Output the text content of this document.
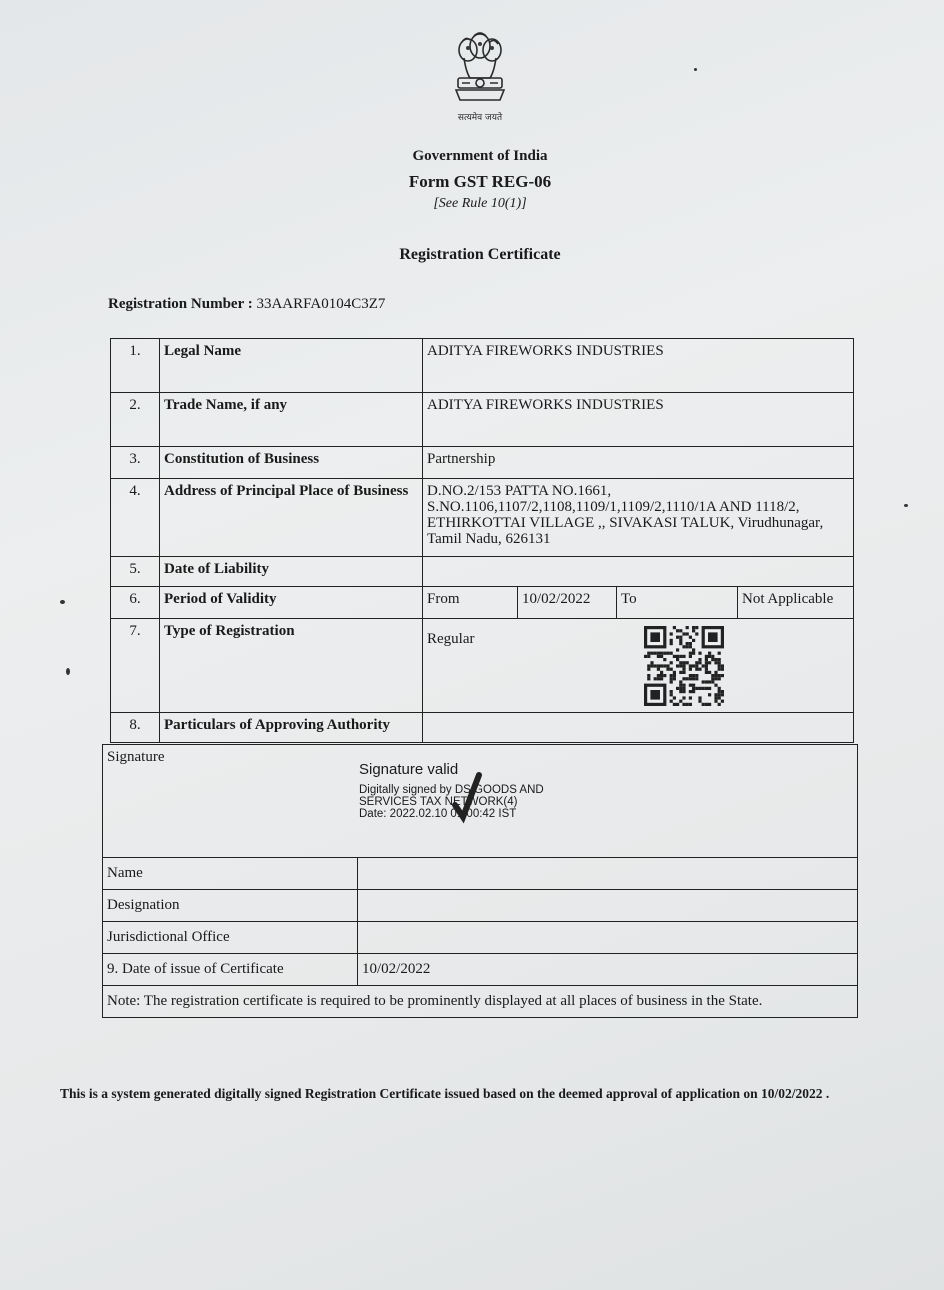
सत्यमेव जयते
Government of India
Form GST REG-06
[See Rule 10(1)]
Registration Certificate
Registration Number : 33AARFA0104C3Z7
1.	Legal Name	ADITYA FIREWORKS INDUSTRIES			
2.	Trade Name, if any	ADITYA FIREWORKS INDUSTRIES			
3.	Constitution of Business	Partnership			
4.	Address of Principal Place of Business	D.NO.2/153 PATTA NO.1661,
S.NO.1106,1107/2,1108,1109/1,1109/2,1110/1A AND 1118/2,
ETHIRKOTTAI VILLAGE ,, SIVAKASI TALUK, Virudhunagar,
Tamil Nadu, 626131			

5.	Date of Liability				
6.	Period of Validity	From	10/02/2022	To	Not Applicable
7.	Type of Registration	Regular			
8.	Particulars of Approving Authority				
Signature
Signature valid
Digitally signed by DS GOODS AND
SERVICES TAX NETWORK(4)
Date: 2022.02.10 01:00:42 IST	

Name	
Designation	
Jurisdictional Office	
9. Date of issue of Certificate	10/02/2022
Note: The registration certificate is required to be prominently displayed at all places of business in the State.	
This is a system generated digitally signed Registration Certificate issued based on the deemed approval of application on 10/02/2022 .
